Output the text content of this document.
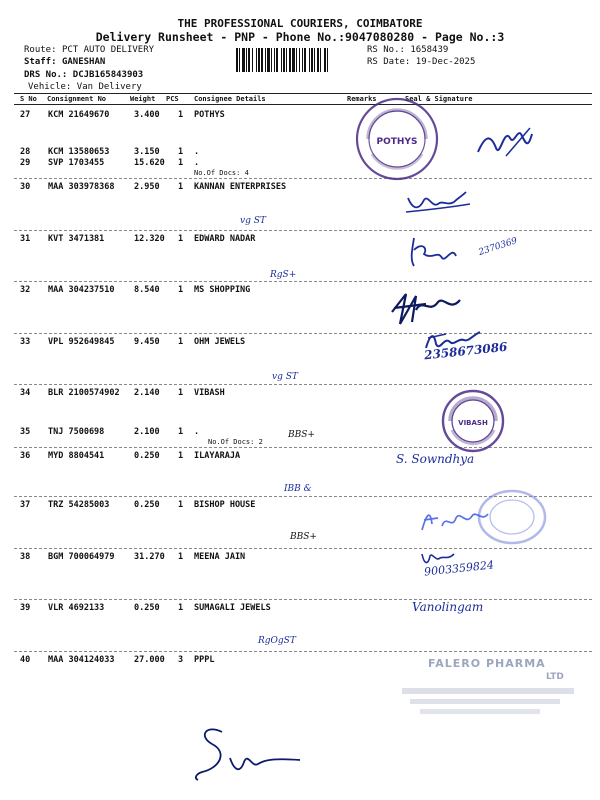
THE PROFESSIONAL COURIERS, COIMBATORE
Delivery Runsheet - PNP - Phone No.:9047080280 - Page No.:3
Route: PCT AUTO DELIVERY
Staff: GANESHAN
DRS No.: DCJB165843903
Vehicle: Van Delivery
RS No.: 1658439
RS Date: 19-Dec-2025
S No Consignment No	Weight PCS Consignee Details	Remarks	Seal & Signature
27 KCM 21649670	3.400 1 POTHYS
28 KCM 13580653	3.150 1 .
29 SVP 1703455	15.620 1 .
No.Of Docs: 4
30 MAA 303978368 2.950 1 KANNAN ENTERPRISES
31 KVT 3471381	12.320 1 EDWARD NADAR
32 MAA 304237510 8.540 1 MS SHOPPING
33 VPL 952649845 9.450 1 OHM JEWELS
34 BLR 2100574902 2.140 1 VIBASH
35 TNJ 7500698	2.100 1 .
No.Of Docs: 2
36 MYD 8804541	0.250 1 ILAYARAJA
37 TRZ 54285003	0.250 1 BISHOP HOUSE
38 BGM 700064979 31.270 1 MEENA JAIN
39 VLR 4692133	0.250 1 SUMAGALI JEWELS
40 MAA 304124033 27.000 3 PPPL
POTHYS
VIBASH
FALERO PHARMA
LTD
vg ST
2370369
RgS+
2358673086
vg ST
BBS+
S. Sowndhya
IBB &
BBS+
9003359824
Vanolingam
RgOgST
